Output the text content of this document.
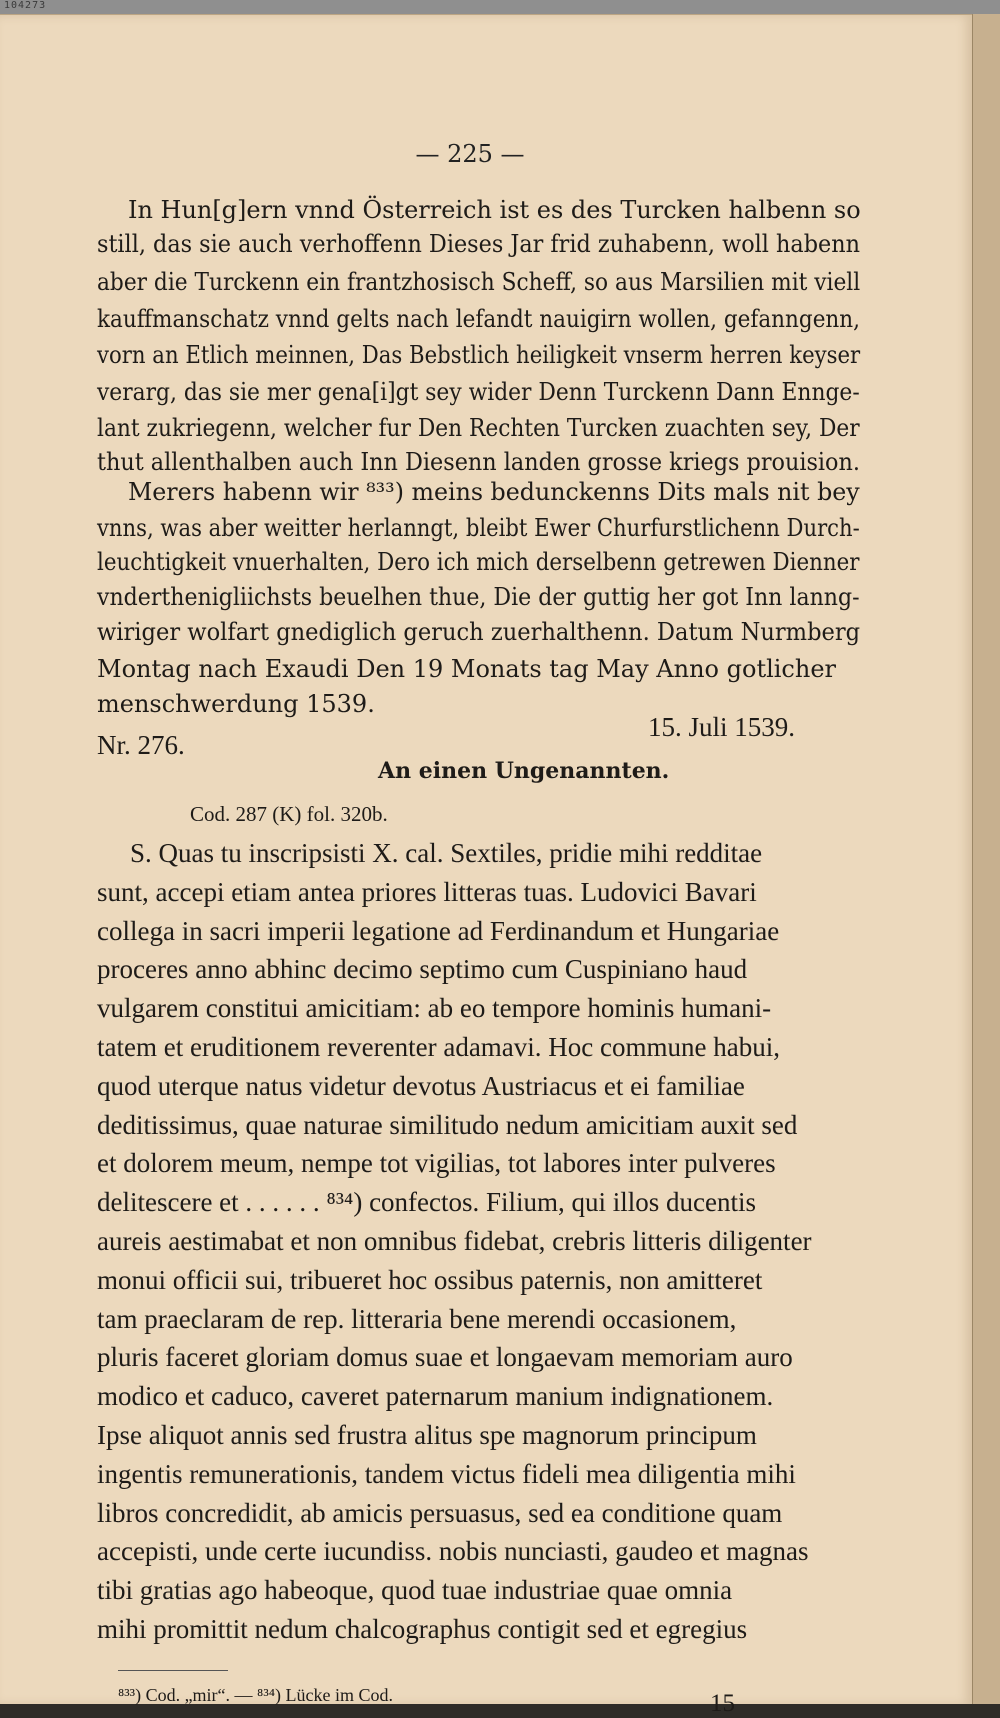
104273
— 225 —
In Hun[g]ern vnnd Österreich ist es des Turcken halbenn so
still, das sie auch verhoffenn Dieses Jar frid zuhabenn, woll habenn
aber die Turckenn ein frantzhosisch Scheff, so aus Marsilien mit viell
kauffmanschatz vnnd gelts nach lefandt nauigirn wollen, gefanngenn,
vorn an Etlich meinnen, Das Bebstlich heiligkeit vnserm herren keyser
verarg, das sie mer gena[i]gt sey wider Denn Turckenn Dann Ennge-
lant zukriegenn, welcher fur Den Rechten Turcken zuachten sey, Der
thut allenthalben auch Inn Diesenn landen grosse kriegs prouision.
Merers habenn wir ⁸³³) meins bedunckenns Dits mals nit bey
vnns, was aber weitter herlanngt, bleibt Ewer Churfurstlichenn Durch-
leuchtigkeit vnuerhalten, Dero ich mich derselbenn getrewen Dienner
vnderthenigliichsts beuelhen thue, Die der guttig her got Inn lanng-
wiriger wolfart gnediglich geruch zuerhalthenn. Datum Nurmberg
Montag nach Exaudi Den 19 Monats tag May Anno gotlicher
menschwerdung 1539.
Nr. 276.
15. Juli 1539.
An einen Ungenannten.
Cod. 287 (K) fol. 320b.
S. Quas tu inscripsisti X. cal. Sextiles, pridie mihi redditae
sunt, accepi etiam antea priores litteras tuas. Ludovici Bavari
collega in sacri imperii legatione ad Ferdinandum et Hungariae
proceres anno abhinc decimo septimo cum Cuspiniano haud
vulgarem constitui amicitiam: ab eo tempore hominis humani-
tatem et eruditionem reverenter adamavi. Hoc commune habui,
quod uterque natus videtur devotus Austriacus et ei familiae
deditissimus, quae naturae similitudo nedum amicitiam auxit sed
et dolorem meum, nempe tot vigilias, tot labores inter pulveres
delitescere et . . . . . . ⁸³⁴) confectos. Filium, qui illos ducentis
aureis aestimabat et non omnibus fidebat, crebris litteris diligenter
monui officii sui, tribueret hoc ossibus paternis, non amitteret
tam praeclaram de rep. litteraria bene merendi occasionem,
pluris faceret gloriam domus suae et longaevam memoriam auro
modico et caduco, caveret paternarum manium indignationem.
Ipse aliquot annis sed frustra alitus spe magnorum principum
ingentis remunerationis, tandem victus fideli mea diligentia mihi
libros concredidit, ab amicis persuasus, sed ea conditione quam
accepisti, unde certe iucundiss. nobis nunciasti, gaudeo et magnas
tibi gratias ago habeoque, quod tuae industriae quae omnia
mihi promittit nedum chalcographus contigit sed et egregius
⁸³³) Cod. „mir“. — ⁸³⁴) Lücke im Cod.	15
